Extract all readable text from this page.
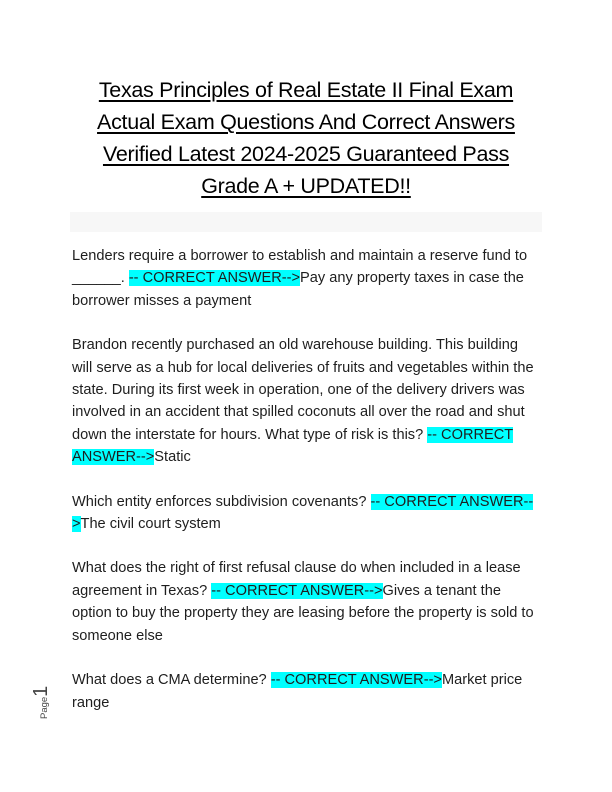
Texas Principles of Real Estate II Final Exam
Actual Exam Questions And Correct Answers
Verified Latest 2024-2025 Guaranteed Pass
Grade A + UPDATED!!

Lenders require a borrower to establish and maintain a reserve fund to ______. -- CORRECT ANSWER-->Pay any property taxes in case the borrower misses a payment

Brandon recently purchased an old warehouse building. This building will serve as a hub for local deliveries of fruits and vegetables within the state. During its first week in operation, one of the delivery drivers was involved in an accident that spilled coconuts all over the road and shut down the interstate for hours. What type of risk is this? -- CORRECT ANSWER-->Static

Which entity enforces subdivision covenants? -- CORRECT ANSWER-->The civil court system

What does the right of first refusal clause do when included in a lease agreement in Texas? -- CORRECT ANSWER-->Gives a tenant the option to buy the property they are leasing before the property is sold to someone else

What does a CMA determine? -- CORRECT ANSWER-->Market price range

Page1
